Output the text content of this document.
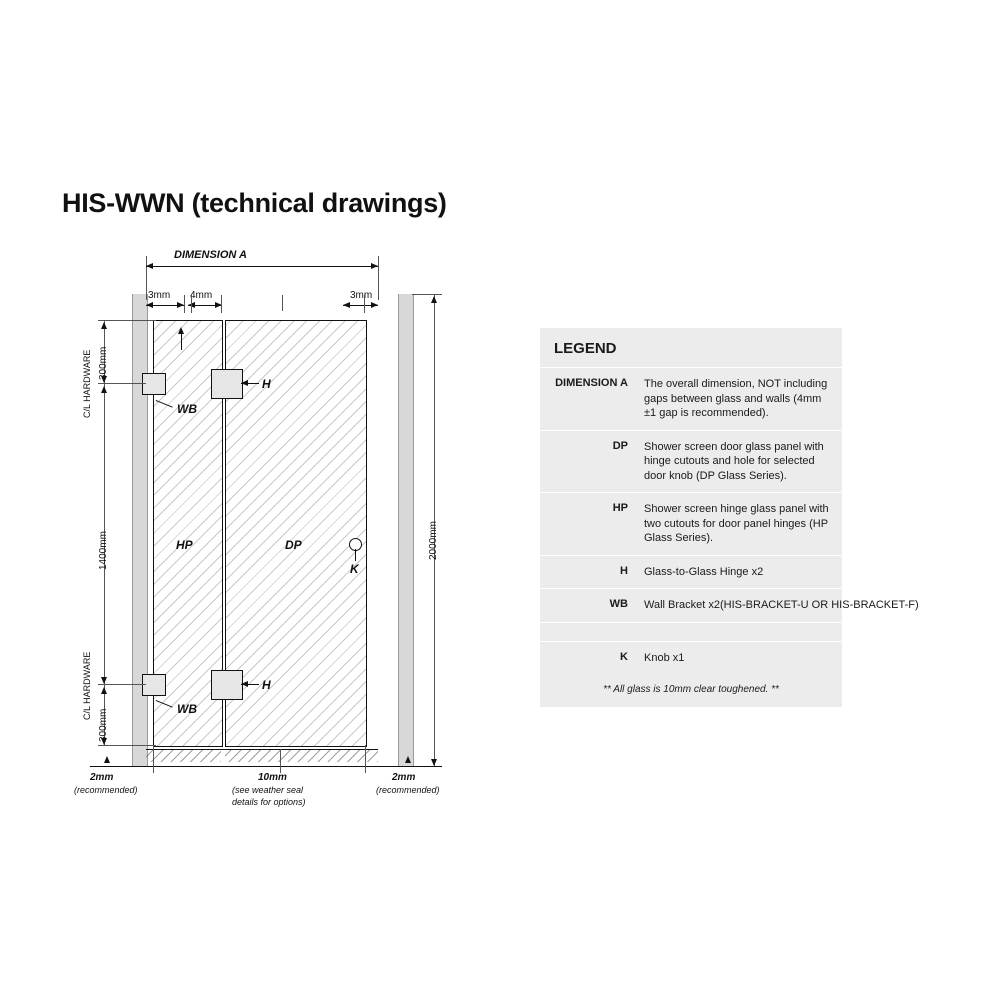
HIS-WWN (technical drawings)
DIMENSION A
3mm 4mm	3mm
HP	DP
H
H
WB
WB
K
300mm
1400mm
300mm
C/L HARDWARE
C/L HARDWARE
2000mm
2mm
(recommended)
10mm
(see weather seal
details for options)
2mm
(recommended)
LEGEND
DIMENSION A	The overall dimension, NOT including gaps between glass and walls (4mm ±1 gap is recommended).
DP	Shower screen door glass panel with hinge cutouts and hole for selected door knob (DP Glass Series).
HP	Shower screen hinge glass panel with two cutouts for door panel hinges (HP Glass Series).
H	Glass-to-Glass Hinge x2
WB	Wall Bracket x2(HIS-BRACKET-U OR HIS-BRACKET-F)
K	Knob x1
** All glass is 10mm clear toughened. **
